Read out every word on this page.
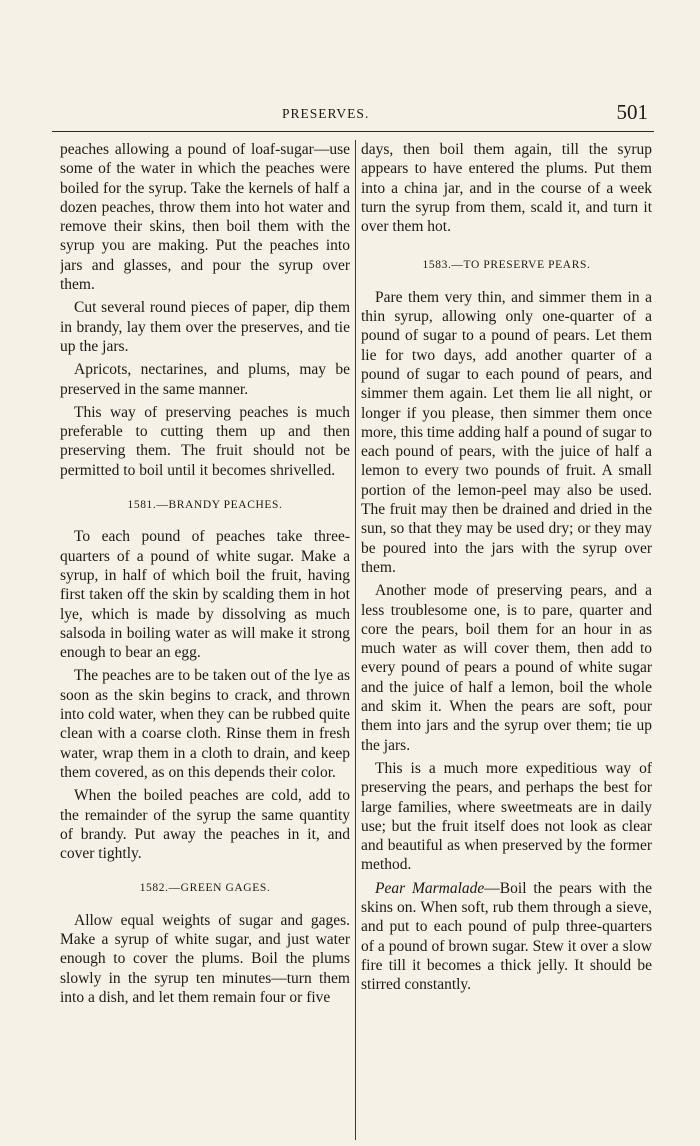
PRESERVES.	501

peaches allowing a pound of loaf-sugar—use some of the water in which the peaches were boiled for the syrup. Take the kernels of half a dozen peaches, throw them into hot water and remove their skins, then boil them with the syrup you are making. Put the peaches into jars and glasses, and pour the syrup over them.

Cut several round pieces of paper, dip them in brandy, lay them over the preserves, and tie up the jars.

Apricots, nectarines, and plums, may be preserved in the same manner.

This way of preserving peaches is much preferable to cutting them up and then preserving them. The fruit should not be permitted to boil until it becomes shrivelled.

1581.—BRANDY PEACHES.

To each pound of peaches take three-quarters of a pound of white sugar. Make a syrup, in half of which boil the fruit, having first taken off the skin by scalding them in hot lye, which is made by dissolving as much salsoda in boiling water as will make it strong enough to bear an egg.

The peaches are to be taken out of the lye as soon as the skin begins to crack, and thrown into cold water, when they can be rubbed quite clean with a coarse cloth. Rinse them in fresh water, wrap them in a cloth to drain, and keep them covered, as on this depends their color.

When the boiled peaches are cold, add to the remainder of the syrup the same quantity of brandy. Put away the peaches in it, and cover tightly.

1582.—GREEN GAGES.

Allow equal weights of sugar and gages. Make a syrup of white sugar, and just water enough to cover the plums. Boil the plums slowly in the syrup ten minutes—turn them into a dish, and let them remain four or five

days, then boil them again, till the syrup appears to have entered the plums. Put them into a china jar, and in the course of a week turn the syrup from them, scald it, and turn it over them hot.

1583.—TO PRESERVE PEARS.

Pare them very thin, and simmer them in a thin syrup, allowing only one-quarter of a pound of sugar to a pound of pears. Let them lie for two days, add another quarter of a pound of sugar to each pound of pears, and simmer them again. Let them lie all night, or longer if you please, then simmer them once more, this time adding half a pound of sugar to each pound of pears, with the juice of half a lemon to every two pounds of fruit. A small portion of the lemon-peel may also be used. The fruit may then be drained and dried in the sun, so that they may be used dry; or they may be poured into the jars with the syrup over them.

Another mode of preserving pears, and a less troublesome one, is to pare, quarter and core the pears, boil them for an hour in as much water as will cover them, then add to every pound of pears a pound of white sugar and the juice of half a lemon, boil the whole and skim it. When the pears are soft, pour them into jars and the syrup over them; tie up the jars.

This is a much more expeditious way of preserving the pears, and perhaps the best for large families, where sweetmeats are in daily use; but the fruit itself does not look as clear and beautiful as when preserved by the former method.

Pear Marmalade—Boil the pears with the skins on. When soft, rub them through a sieve, and put to each pound of pulp three-quarters of a pound of brown sugar. Stew it over a slow fire till it becomes a thick jelly. It should be stirred constantly.
